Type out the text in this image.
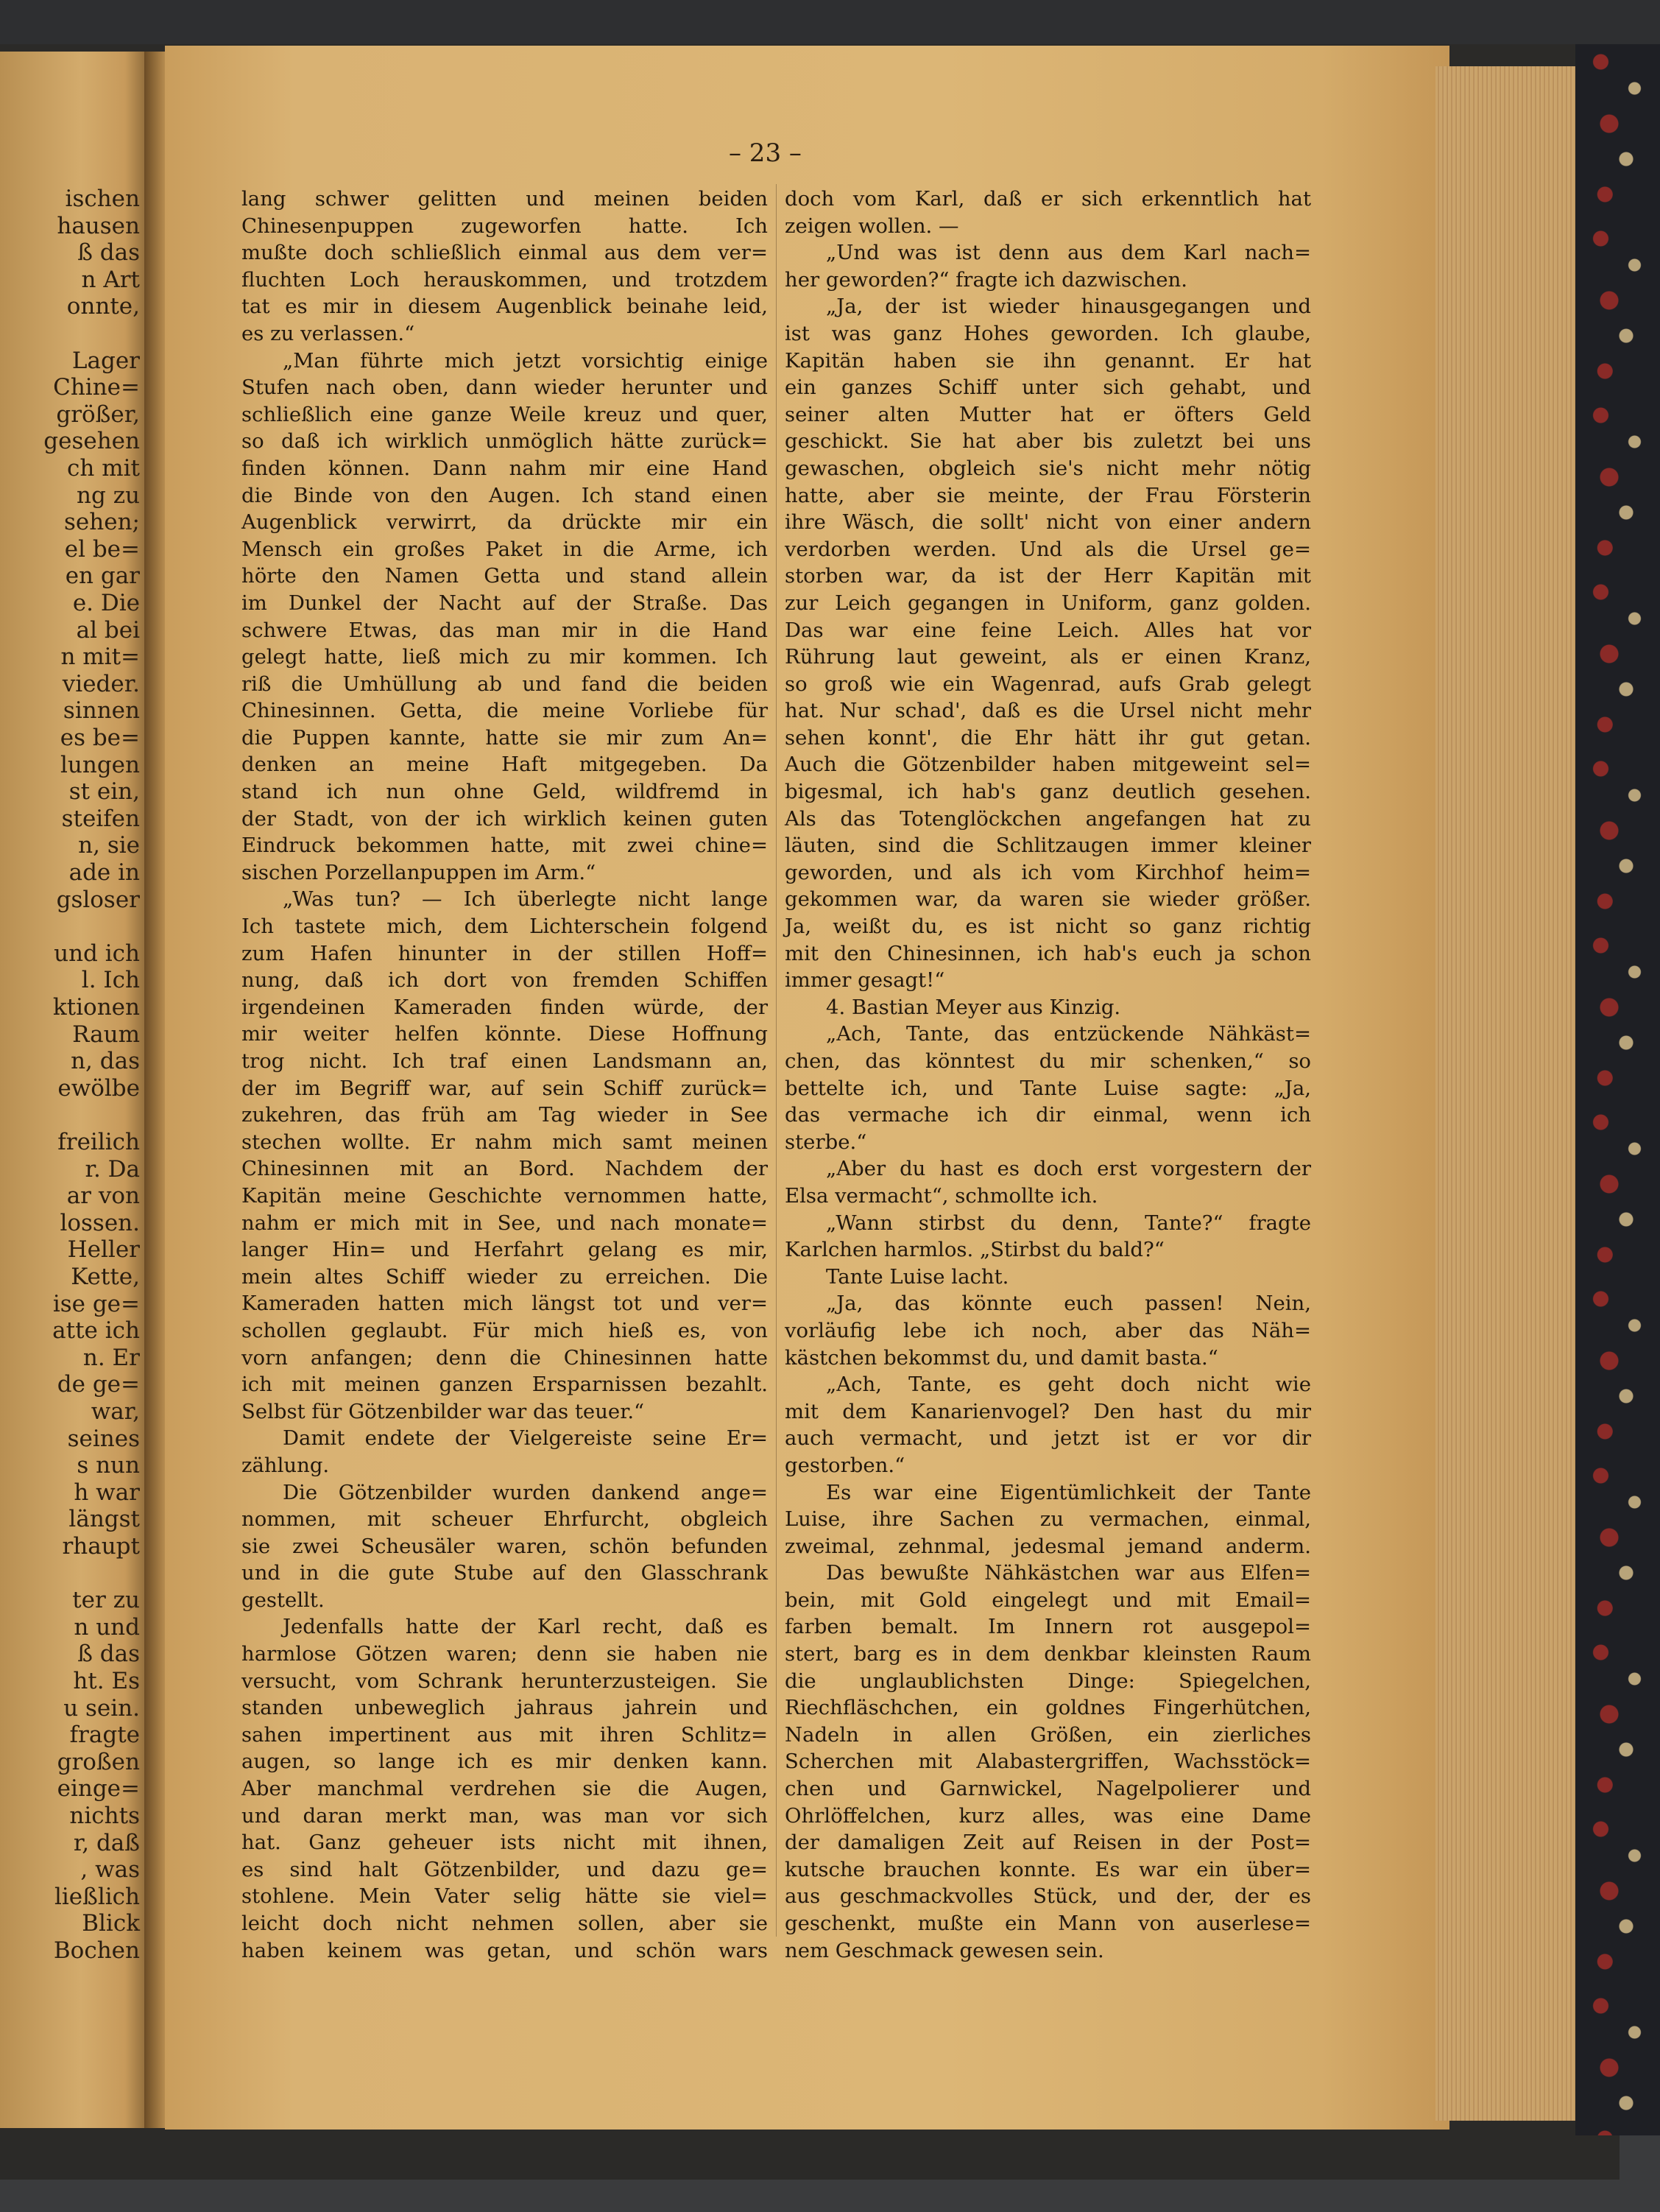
ischen
hausen
ß das
n Art
onnte,
Lager
Chine=
größer,
gesehen
ch mit
ng zu
sehen;
el be=
en gar
e. Die
al bei
n mit=
vieder.
sinnen
es be=
lungen
st ein,
steifen
n, sie
ade in
gsloser
und ich
l. Ich
ktionen
Raum
n, das
ewölbe
freilich
r. Da
ar von
lossen.
Heller
Kette,
ise ge=
atte ich
n. Er
de ge=
war,
seines
s nun
h war
längst
rhaupt
ter zu
n und
ß das
ht. Es
u sein.
fragte
großen
einge=
nichts
r, daß
, was
ließlich
Blick
Bochen
– 23 –
lang schwer gelitten und meinen beiden
Chinesenpuppen zugeworfen hatte. Ich
mußte doch schließlich einmal aus dem ver=
fluchten Loch herauskommen, und trotzdem
tat es mir in diesem Augenblick beinahe leid,
es zu verlassen.“
„Man führte mich jetzt vorsichtig einige
Stufen nach oben, dann wieder herunter und
schließlich eine ganze Weile kreuz und quer,
so daß ich wirklich unmöglich hätte zurück=
finden können. Dann nahm mir eine Hand
die Binde von den Augen. Ich stand einen
Augenblick verwirrt, da drückte mir ein
Mensch ein großes Paket in die Arme, ich
hörte den Namen Getta und stand allein
im Dunkel der Nacht auf der Straße. Das
schwere Etwas, das man mir in die Hand
gelegt hatte, ließ mich zu mir kommen. Ich
riß die Umhüllung ab und fand die beiden
Chinesinnen. Getta, die meine Vorliebe für
die Puppen kannte, hatte sie mir zum An=
denken an meine Haft mitgegeben. Da
stand ich nun ohne Geld, wildfremd in
der Stadt, von der ich wirklich keinen guten
Eindruck bekommen hatte, mit zwei chine=
sischen Porzellanpuppen im Arm.“
„Was tun? — Ich überlegte nicht lange
Ich tastete mich, dem Lichterschein folgend
zum Hafen hinunter in der stillen Hoff=
nung, daß ich dort von fremden Schiffen
irgendeinen Kameraden finden würde, der
mir weiter helfen könnte. Diese Hoffnung
trog nicht. Ich traf einen Landsmann an,
der im Begriff war, auf sein Schiff zurück=
zukehren, das früh am Tag wieder in See
stechen wollte. Er nahm mich samt meinen
Chinesinnen mit an Bord. Nachdem der
Kapitän meine Geschichte vernommen hatte,
nahm er mich mit in See, und nach monate=
langer Hin= und Herfahrt gelang es mir,
mein altes Schiff wieder zu erreichen. Die
Kameraden hatten mich längst tot und ver=
schollen geglaubt. Für mich hieß es, von
vorn anfangen; denn die Chinesinnen hatte
ich mit meinen ganzen Ersparnissen bezahlt.
Selbst für Götzenbilder war das teuer.“
Damit endete der Vielgereiste seine Er=
zählung.
Die Götzenbilder wurden dankend ange=
nommen, mit scheuer Ehrfurcht, obgleich
sie zwei Scheusäler waren, schön befunden
und in die gute Stube auf den Glasschrank
gestellt.
Jedenfalls hatte der Karl recht, daß es
harmlose Götzen waren; denn sie haben nie
versucht, vom Schrank herunterzusteigen. Sie
standen unbeweglich jahraus jahrein und
sahen impertinent aus mit ihren Schlitz=
augen, so lange ich es mir denken kann.
Aber manchmal verdrehen sie die Augen,
und daran merkt man, was man vor sich
hat. Ganz geheuer ists nicht mit ihnen,
es sind halt Götzenbilder, und dazu ge=
stohlene. Mein Vater selig hätte sie viel=
leicht doch nicht nehmen sollen, aber sie
haben keinem was getan, und schön wars
doch vom Karl, daß er sich erkenntlich hat
zeigen wollen. —
„Und was ist denn aus dem Karl nach=
her geworden?“ fragte ich dazwischen.
„Ja, der ist wieder hinausgegangen und
ist was ganz Hohes geworden. Ich glaube,
Kapitän haben sie ihn genannt. Er hat
ein ganzes Schiff unter sich gehabt, und
seiner alten Mutter hat er öfters Geld
geschickt. Sie hat aber bis zuletzt bei uns
gewaschen, obgleich sie's nicht mehr nötig
hatte, aber sie meinte, der Frau Försterin
ihre Wäsch, die sollt' nicht von einer andern
verdorben werden. Und als die Ursel ge=
storben war, da ist der Herr Kapitän mit
zur Leich gegangen in Uniform, ganz golden.
Das war eine feine Leich. Alles hat vor
Rührung laut geweint, als er einen Kranz,
so groß wie ein Wagenrad, aufs Grab gelegt
hat. Nur schad', daß es die Ursel nicht mehr
sehen konnt', die Ehr hätt ihr gut getan.
Auch die Götzenbilder haben mitgeweint sel=
bigesmal, ich hab's ganz deutlich gesehen.
Als das Totenglöckchen angefangen hat zu
läuten, sind die Schlitzaugen immer kleiner
geworden, und als ich vom Kirchhof heim=
gekommen war, da waren sie wieder größer.
Ja, weißt du, es ist nicht so ganz richtig
mit den Chinesinnen, ich hab's euch ja schon
immer gesagt!“
4. Bastian Meyer aus Kinzig.
„Ach, Tante, das entzückende Nähkäst=
chen, das könntest du mir schenken,“ so
bettelte ich, und Tante Luise sagte: „Ja,
das vermache ich dir einmal, wenn ich
sterbe.“
„Aber du hast es doch erst vorgestern der
Elsa vermacht“, schmollte ich.
„Wann stirbst du denn, Tante?“ fragte
Karlchen harmlos. „Stirbst du bald?“
Tante Luise lacht.
„Ja, das könnte euch passen! Nein,
vorläufig lebe ich noch, aber das Näh=
kästchen bekommst du, und damit basta.“
„Ach, Tante, es geht doch nicht wie
mit dem Kanarienvogel? Den hast du mir
auch vermacht, und jetzt ist er vor dir
gestorben.“
Es war eine Eigentümlichkeit der Tante
Luise, ihre Sachen zu vermachen, einmal,
zweimal, zehnmal, jedesmal jemand anderm.
Das bewußte Nähkästchen war aus Elfen=
bein, mit Gold eingelegt und mit Email=
farben bemalt. Im Innern rot ausgepol=
stert, barg es in dem denkbar kleinsten Raum
die unglaublichsten Dinge: Spiegelchen,
Riechfläschchen, ein goldnes Fingerhütchen,
Nadeln in allen Größen, ein zierliches
Scherchen mit Alabastergriffen, Wachsstöck=
chen und Garnwickel, Nagelpolierer und
Ohrlöffelchen, kurz alles, was eine Dame
der damaligen Zeit auf Reisen in der Post=
kutsche brauchen konnte. Es war ein über=
aus geschmackvolles Stück, und der, der es
geschenkt, mußte ein Mann von auserlese=
nem Geschmack gewesen sein.
